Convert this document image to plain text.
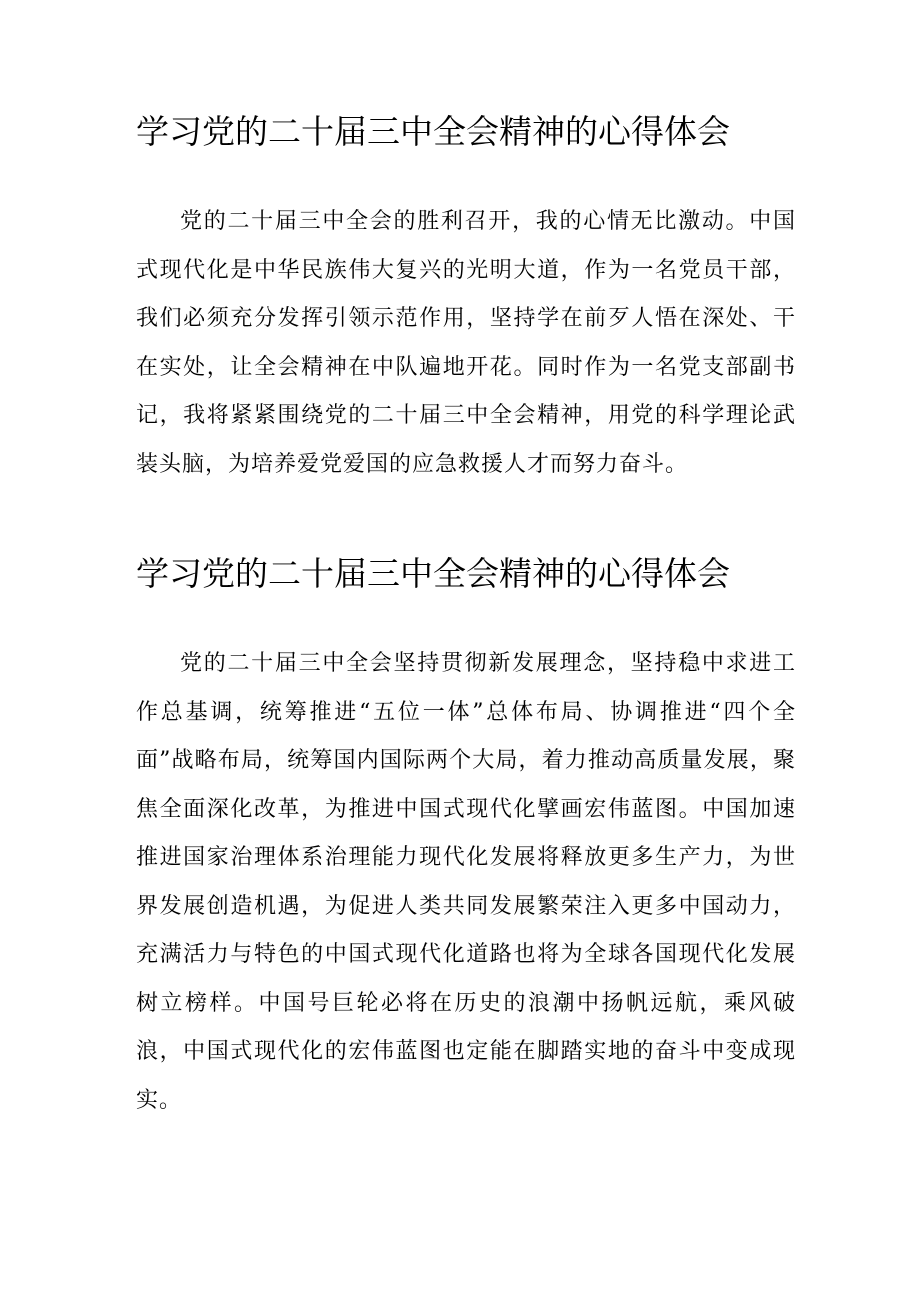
学习党的二十届三中全会精神的心得体会

党的二十届三中全会的胜利召开，我的心情无比激动。中国式现代化是中华民族伟大复兴的光明大道，作为一名党员干部，我们必须充分发挥引领示范作用，坚持学在前歹人悟在深处、干在实处，让全会精神在中队遍地开花。同时作为一名党支部副书记，我将紧紧围绕党的二十届三中全会精神，用党的科学理论武装头脑，为培养爱党爱国的应急救援人才而努力奋斗。

学习党的二十届三中全会精神的心得体会

党的二十届三中全会坚持贯彻新发展理念，坚持稳中求进工作总基调，统筹推进“五位一体”总体布局、协调推进“四个全面”战略布局，统筹国内国际两个大局，着力推动高质量发展，聚焦全面深化改革，为推进中国式现代化擘画宏伟蓝图。中国加速推进国家治理体系治理能力现代化发展将释放更多生产力，为世界发展创造机遇，为促进人类共同发展繁荣注入更多中国动力，充满活力与特色的中国式现代化道路也将为全球各国现代化发展树立榜样。中国号巨轮必将在历史的浪潮中扬帆远航，乘风破浪，中国式现代化的宏伟蓝图也定能在脚踏实地的奋斗中变成现实。
